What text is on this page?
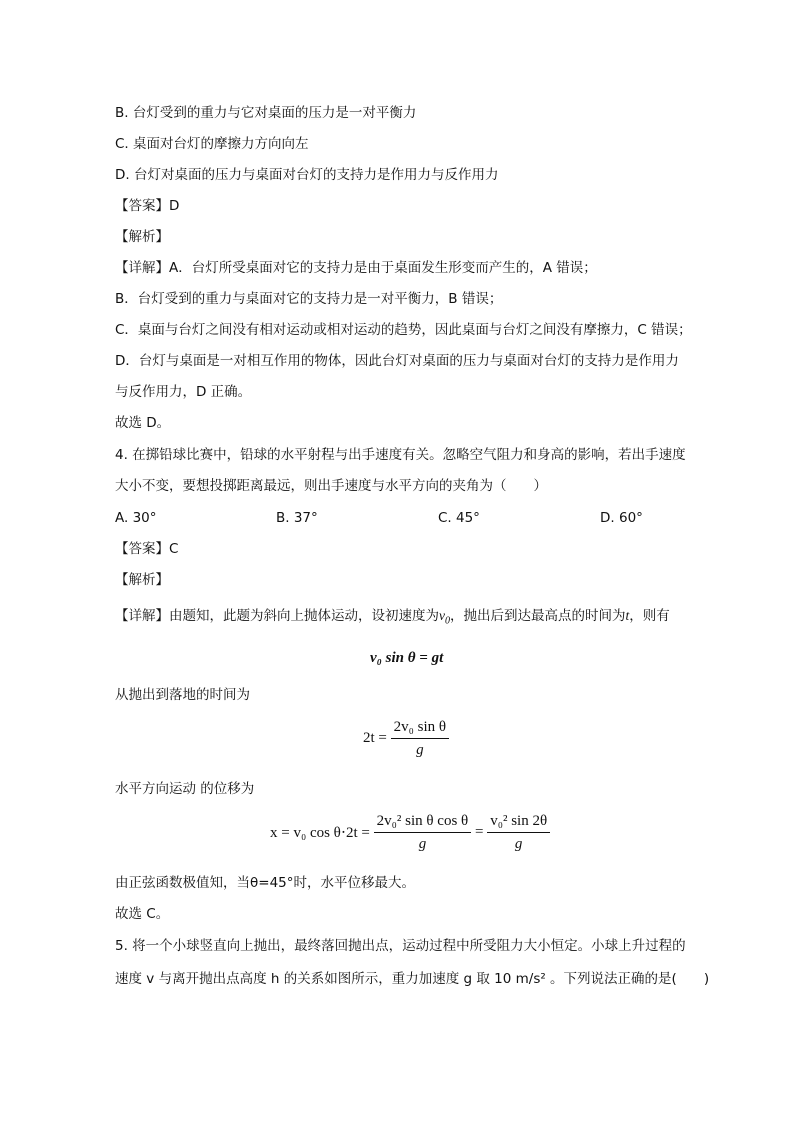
B. 台灯受到的重力与它对桌面的压力是一对平衡力
C. 桌面对台灯的摩擦力方向向左
D. 台灯对桌面的压力与桌面对台灯的支持力是作用力与反作用力
【答案】D
【解析】
【详解】A．台灯所受桌面对它的支持力是由于桌面发生形变而产生的，A 错误；
B．台灯受到的重力与桌面对它的支持力是一对平衡力，B 错误；
C．桌面与台灯之间没有相对运动或相对运动的趋势，因此桌面与台灯之间没有摩擦力，C 错误；
D．台灯与桌面是一对相互作用的物体，因此台灯对桌面的压力与桌面对台灯的支持力是作用力
与反作用力，D 正确。
故选 D。
4. 在掷铅球比赛中，铅球的水平射程与出手速度有关。忽略空气阻力和身高的影响，若出手速度
大小不变，要想投掷距离最远，则出手速度与水平方向的夹角为（　　）
A. 30°	B. 37°	C. 45°	D. 60°
【答案】C
【解析】
【详解】由题知，此题为斜向上抛体运动，设初速度为$v_0$，抛出后到达最高点的时间为t，则有
v₀ sin θ = gt
从抛出到落地的时间为
$2t = \frac{\text{2v₀ sin θ}}{g}$
水平方向运动 的位移为
x = v₀ $\cos \theta\cdot 2t = \frac{\text{2v₀² sin θ cos θ}}{g} = \frac{\text{v₀² sin 2θ}}{g}$
由正弦函数极值知，当θ=45°时，水平位移最大。
故选 C。
5. 将一个小球竖直向上抛出，最终落回抛出点，运动过程中所受阻力大小恒定。小球上升过程的
速度 v 与离开抛出点高度 h 的关系如图所示，重力加速度 g 取 10 m/s² 。下列说法正确的是(　　)
